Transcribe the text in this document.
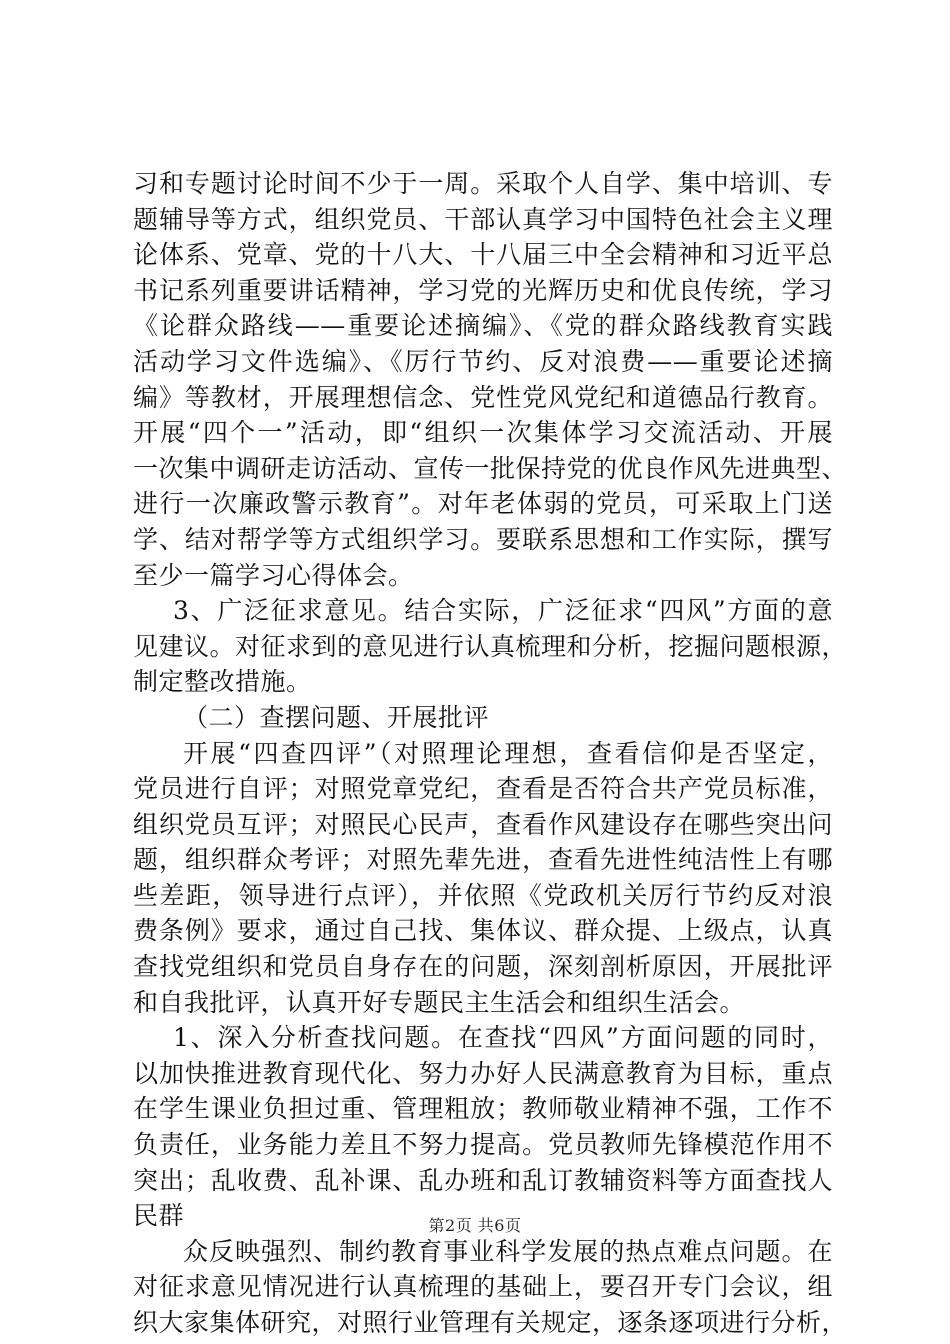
习和专题讨论时间不少于一周。采取个人自学、集中培训、专
题辅导等方式，组织党员、干部认真学习中国特色社会主义理
论体系、党章、党的十八大、十八届三中全会精神和习近平总
书记系列重要讲话精神，学习党的光辉历史和优良传统，学习
《论群众路线——重要论述摘编》、《党的群众路线教育实践
活动学习文件选编》、《厉行节约、反对浪费——重要论述摘
编》等教材，开展理想信念、党性党风党纪和道德品行教育。
开展“四个一”活动，即“组织一次集体学习交流活动、开展
一次集中调研走访活动、宣传一批保持党的优良作风先进典型、
进行一次廉政警示教育”。对年老体弱的党员，可采取上门送
学、结对帮学等方式组织学习。要联系思想和工作实际，撰写
至少一篇学习心得体会。
3、广泛征求意见。结合实际，广泛征求“四风”方面的意
见建议。对征求到的意见进行认真梳理和分析，挖掘问题根源，
制定整改措施。
（二）查摆问题、开展批评
开展“四查四评”（对照理论理想，查看信仰是否坚定，
党员进行自评；对照党章党纪，查看是否符合共产党员标准，
组织党员互评；对照民心民声，查看作风建设存在哪些突出问
题，组织群众考评；对照先辈先进，查看先进性纯洁性上有哪
些差距，领导进行点评），并依照《党政机关厉行节约反对浪
费条例》要求，通过自己找、集体议、群众提、上级点，认真
查找党组织和党员自身存在的问题，深刻剖析原因，开展批评
和自我批评，认真开好专题民主生活会和组织生活会。
1、深入分析查找问题。在查找“四风”方面问题的同时，
以加快推进教育现代化、努力办好人民满意教育为目标，重点
在学生课业负担过重、管理粗放；教师敬业精神不强，工作不
负责任，业务能力差且不努力提高。党员教师先锋模范作用不
突出；乱收费、乱补课、乱办班和乱订教辅资料等方面查找人
民群
众反映强烈、制约教育事业科学发展的热点难点问题。在
对征求意见情况进行认真梳理的基础上，要召开专门会议，组
织大家集体研究，对照行业管理有关规定，逐条逐项进行分析，
第2页 共6页
